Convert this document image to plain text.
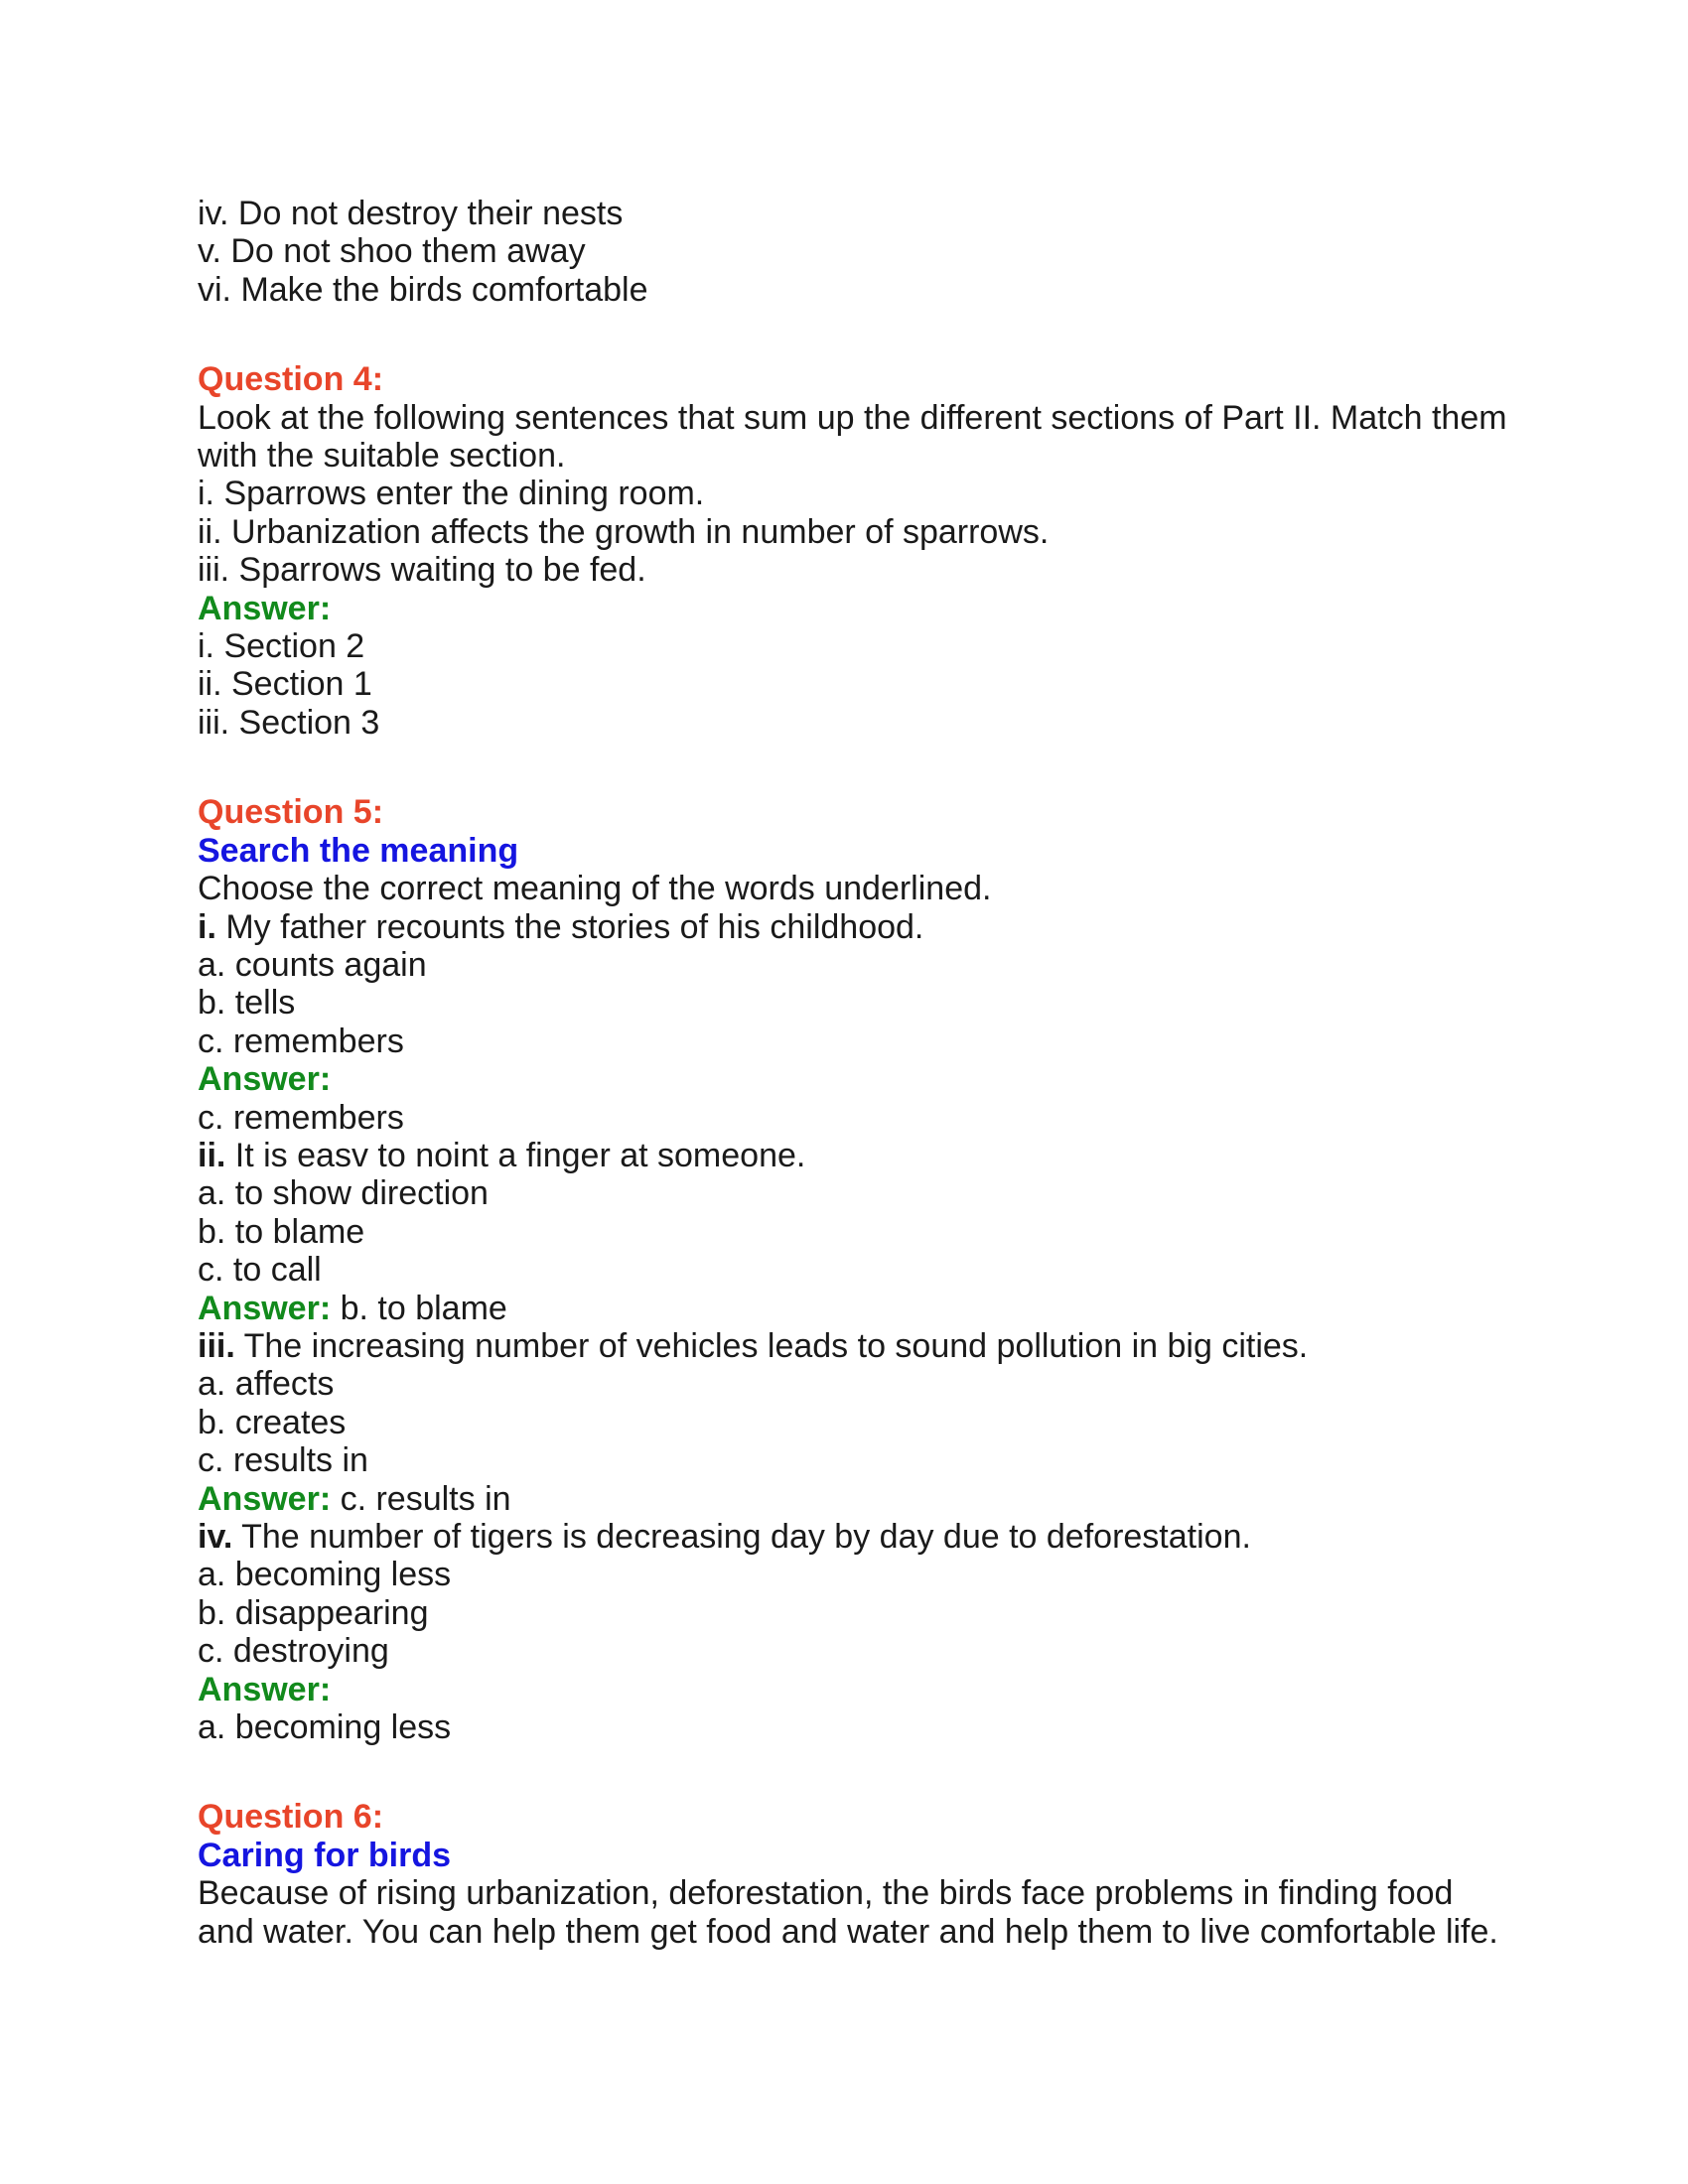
iv. Do not destroy their nests
v. Do not shoo them away
vi. Make the birds comfortable
Question 4:
Look at the following sentences that sum up the different sections of Part II. Match them with the suitable section.
i. Sparrows enter the dining room.
ii. Urbanization affects the growth in number of sparrows.
iii. Sparrows waiting to be fed.
Answer:
i. Section 2
ii. Section 1
iii. Section 3
Question 5:
Search the meaning
Choose the correct meaning of the words underlined.
i. My father recounts the stories of his childhood.
a. counts again
b. tells
c. remembers
Answer:
c. remembers
ii. It is easv to noint a finger at someone.
a. to show direction
b. to blame
c. to call
Answer: b. to blame
iii. The increasing number of vehicles leads to sound pollution in big cities.
a. affects
b. creates
c. results in
Answer: c. results in
iv. The number of tigers is decreasing day by day due to deforestation.
a. becoming less
b. disappearing
c. destroying
Answer:
a. becoming less
Question 6:
Caring for birds
Because of rising urbanization, deforestation, the birds face problems in finding food
and water. You can help them get food and water and help them to live comfortable life.
